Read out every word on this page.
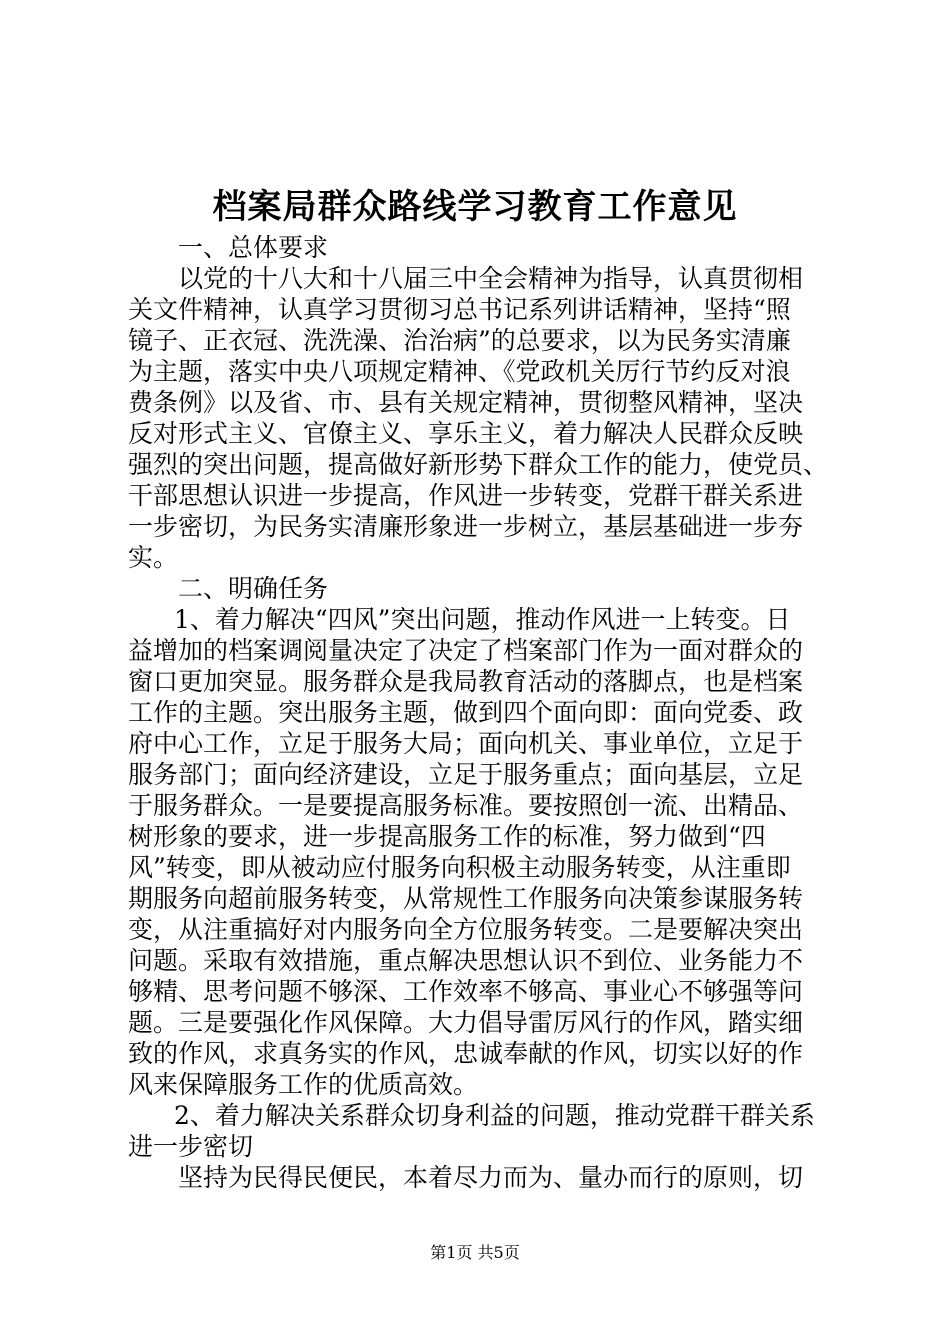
档案局群众路线学习教育工作意见
一、总体要求
以党的十八大和十八届三中全会精神为指导，认真贯彻相
关文件精神，认真学习贯彻习总书记系列讲话精神，坚持“照
镜子、正衣冠、洗洗澡、治治病”的总要求，以为民务实清廉
为主题，落实中央八项规定精神、《党政机关厉行节约反对浪
费条例》以及省、市、县有关规定精神，贯彻整风精神，坚决
反对形式主义、官僚主义、享乐主义，着力解决人民群众反映
强烈的突出问题，提高做好新形势下群众工作的能力，使党员、
干部思想认识进一步提高，作风进一步转变，党群干群关系进
一步密切，为民务实清廉形象进一步树立，基层基础进一步夯
实。
二、明确任务
1、着力解决“四风”突出问题，推动作风进一上转变。日
益增加的档案调阅量决定了决定了档案部门作为一面对群众的
窗口更加突显。服务群众是我局教育活动的落脚点，也是档案
工作的主题。突出服务主题，做到四个面向即：面向党委、政
府中心工作，立足于服务大局；面向机关、事业单位，立足于
服务部门；面向经济建设，立足于服务重点；面向基层，立足
于服务群众。一是要提高服务标准。要按照创一流、出精品、
树形象的要求，进一步提高服务工作的标准，努力做到“四
风”转变，即从被动应付服务向积极主动服务转变，从注重即
期服务向超前服务转变，从常规性工作服务向决策参谋服务转
变，从注重搞好对内服务向全方位服务转变。二是要解决突出
问题。采取有效措施，重点解决思想认识不到位、业务能力不
够精、思考问题不够深、工作效率不够高、事业心不够强等问
题。三是要强化作风保障。大力倡导雷厉风行的作风，踏实细
致的作风，求真务实的作风，忠诚奉献的作风，切实以好的作
风来保障服务工作的优质高效。
2、着力解决关系群众切身利益的问题，推动党群干群关系
进一步密切
坚持为民得民便民，本着尽力而为、量办而行的原则，切
第1页 共5页
